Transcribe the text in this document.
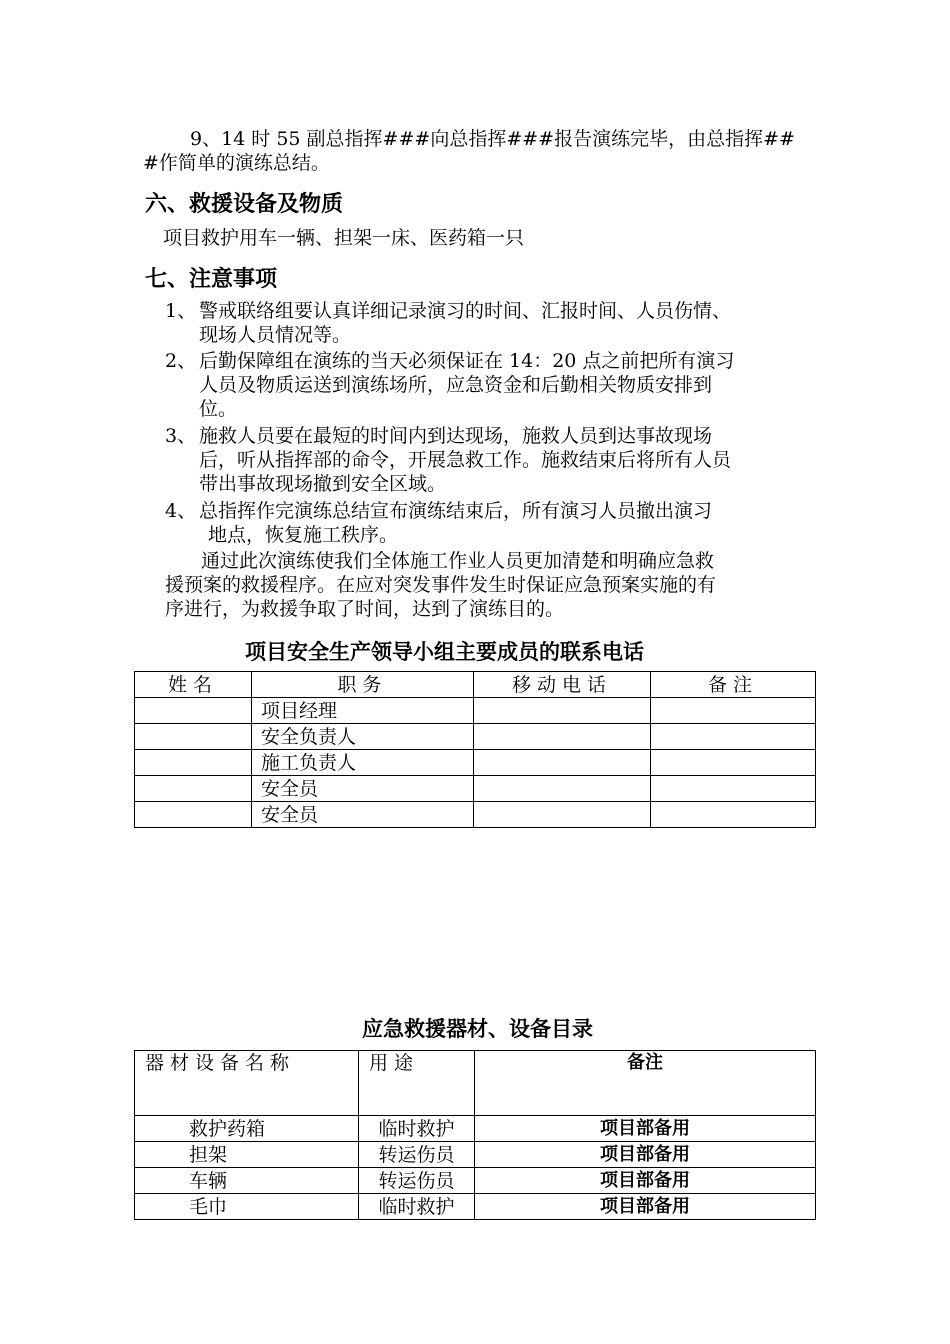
9、14 时 55 副总指挥###向总指挥###报告演练完毕，由总指挥##
#作简单的演练总结。
六、救援设备及物质
项目救护用车一辆、担架一床、医药箱一只
七、注意事项
1、 警戒联络组要认真详细记录演习的时间、汇报时间、人员伤情、
现场人员情况等。
2、 后勤保障组在演练的当天必须保证在 14：20 点之前把所有演习
人员及物质运送到演练场所，应急资金和后勤相关物质安排到
位。
3、 施救人员要在最短的时间内到达现场，施救人员到达事故现场
后，听从指挥部的命令，开展急救工作。施救结束后将所有人员
带出事故现场撤到安全区域。
4、 总指挥作完演练总结宣布演练结束后，所有演习人员撤出演习
地点，恢复施工秩序。
通过此次演练使我们全体施工作业人员更加清楚和明确应急救
援预案的救援程序。在应对突发事件发生时保证应急预案实施的有
序进行，为救援争取了时间，达到了演练目的。
项目安全生产领导小组主要成员的联系电话
姓名	职务	移动电话	备注
	项目经理		
	安全负责人		
	施工负责人		
	安全员		
	安全员		
应急救援器材、设备目录
器材设备名称	用途	备注
救护药箱	临时救护	项目部备用
担架	转运伤员	项目部备用
车辆	转运伤员	项目部备用
毛巾	临时救护	项目部备用
